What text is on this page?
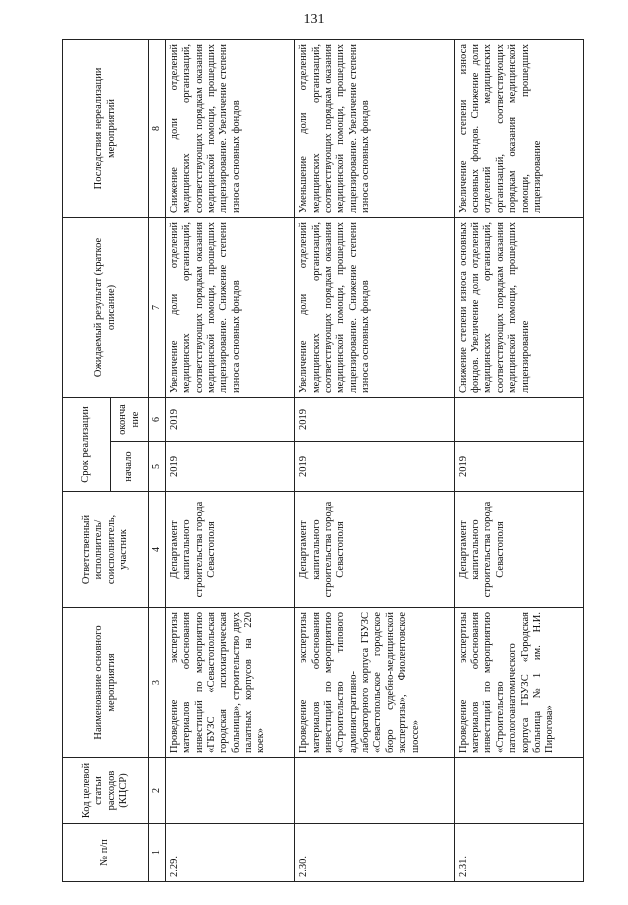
131
№ п/п	Код целевой статьи расходов (КЦСР)	Наименование основного мероприятия	Ответственный исполнитель/ соисполнитель, участник	Срок реализации		Ожидаемый результат (краткое описание)	Последствия нереализации мероприятий
				начало	оконча ние		
1	2	3	4	5	6	7	8
2.29.		Проведение экспертизы материалов обоснования инвестиций по мероприятию «ГБУЗС «Севастопольская городская психиатрическая больница», строительство двух палатных корпусов на 220 коек»	Департамент капитального строительства города Севастополя	2019	2019	Увеличение доли отделений медицинских организаций, соответствующих порядкам оказания медицинской помощи, прошедших лицензирование. Снижение степени износа основных фондов	Снижение доли отделений медицинских организаций, соответствующих порядкам оказания медицинской помощи, прошедших лицензирование. Увеличение степени износа основных фондов
2.30.		Проведение экспертизы материалов обоснования инвестиций по мероприятию «Строительство типового административно-лабораторного корпуса ГБУЗС «Севастопольское городское бюро судебно-медицинской экспертизы», Фиолентовское шоссе»	Департамент капитального строительства города Севастополя	2019	2019	Увеличение доли отделений медицинских организаций, соответствующих порядкам оказания медицинской помощи, прошедших лицензирование. Снижение степени износа основных фондов	Уменьшение доли отделений медицинских организаций, соответствующих порядкам оказания медицинской помощи, прошедших лицензирование. Увеличение степени износа основных фондов
2.31.		Проведение экспертизы материалов обоснования инвестиций по мероприятию «Строительство патологоанатомического корпуса ГБУЗС «Городская больница №1 им. Н.И. Пирогова»	Департамент капитального строительства города Севастополя	2019		Снижение степени износа основных фондов. Увеличение доли отделений медицинских организаций, соответствующих порядкам оказания медицинской помощи, прошедших лицензирование	Увеличение степени износа основных фондов. Снижение доли отделений медицинских организаций, соответствующих порядкам оказания медицинской помощи, прошедших лицензирование
